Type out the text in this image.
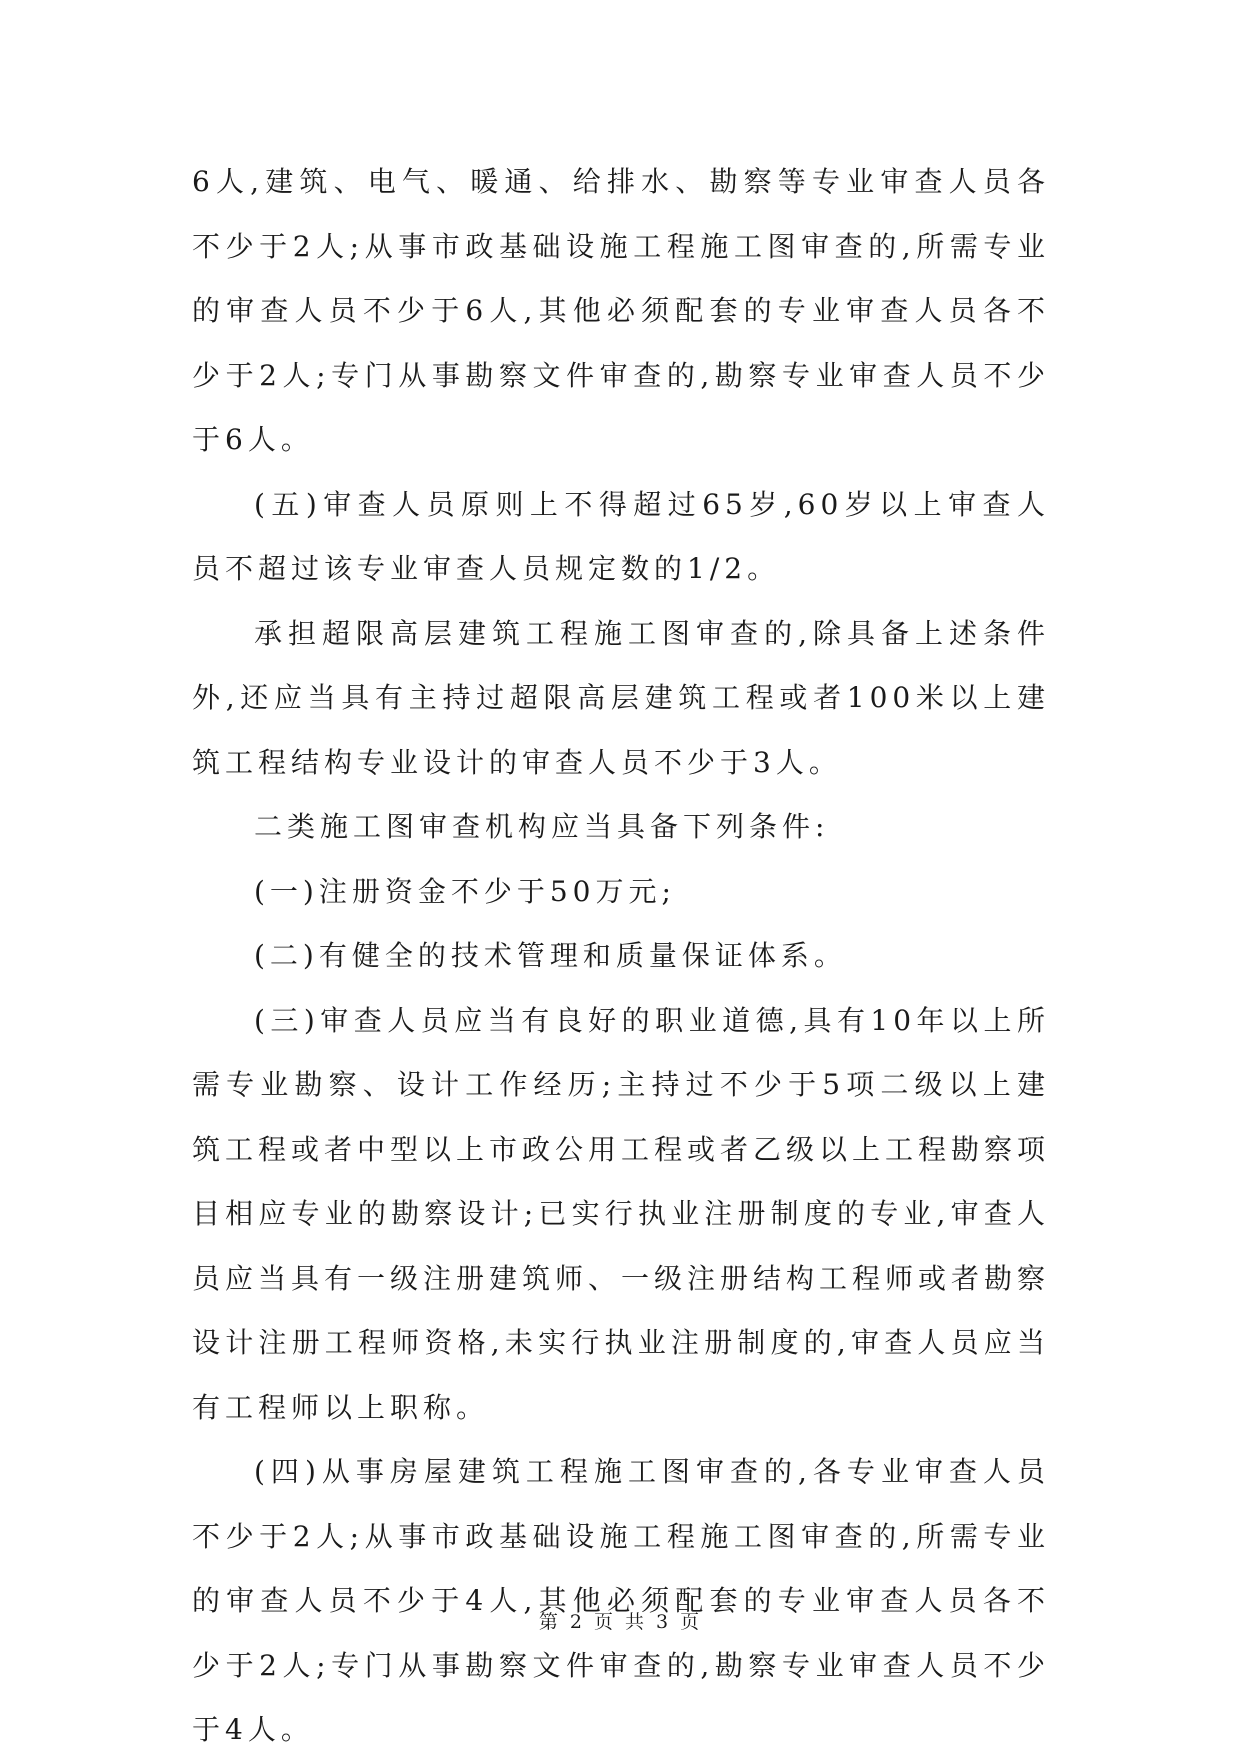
6人,建筑、电气、暖通、给排水、勘察等专业审查人员各不少于2人;从事市政基础设施工程施工图审查的,所需专业的审查人员不少于6人,其他必须配套的专业审查人员各不少于2人;专门从事勘察文件审查的,勘察专业审查人员不少于6人。

(五)审查人员原则上不得超过65岁,60岁以上审查人员不超过该专业审查人员规定数的1/2。

承担超限高层建筑工程施工图审查的,除具备上述条件外,还应当具有主持过超限高层建筑工程或者100米以上建筑工程结构专业设计的审查人员不少于3人。

二类施工图审查机构应当具备下列条件:

(一)注册资金不少于50万元;

(二)有健全的技术管理和质量保证体系。

(三)审查人员应当有良好的职业道德,具有10年以上所需专业勘察、设计工作经历;主持过不少于5项二级以上建筑工程或者中型以上市政公用工程或者乙级以上工程勘察项目相应专业的勘察设计;已实行执业注册制度的专业,审查人员应当具有一级注册建筑师、一级注册结构工程师或者勘察设计注册工程师资格,未实行执业注册制度的,审查人员应当有工程师以上职称。

(四)从事房屋建筑工程施工图审查的,各专业审查人员不少于2人;从事市政基础设施工程施工图审查的,所需专业的审查人员不少于4人,其他必须配套的专业审查人员各不少于2人;专门从事勘察文件审查的,勘察专业审查人员不少于4人。

第 2 页 共 3 页
